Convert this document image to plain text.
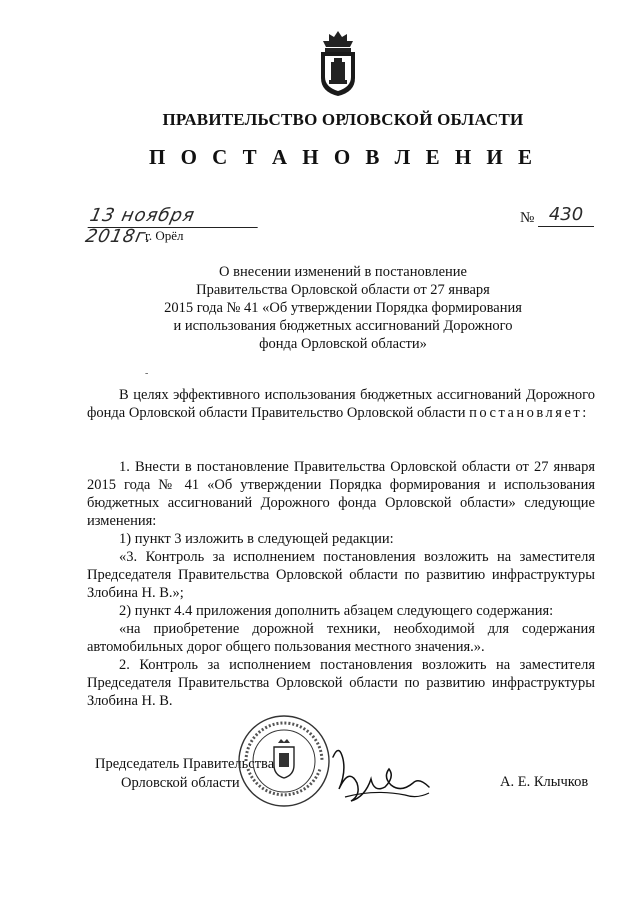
ПРАВИТЕЛЬСТВО ОРЛОВСКОЙ ОБЛАСТИ
П О С Т А Н О В Л Е Н И Е
13 ноября 2018г.
№ 430
г. Орёл
О внесении изменений в постановление
Правительства Орловской области от 27 января
2015 года № 41 «Об утверждении Порядка формирования
и использования бюджетных ассигнований Дорожного
фонда Орловской области»
-
В целях эффективного использования бюджетных ассигнований Дорожного фонда Орловской области Правительство Орловской области постановляет:
1. Внести в постановление Правительства Орловской области от 27 января 2015 года № 41 «Об утверждении Порядка формирования и использования бюджетных ассигнований Дорожного фонда Орловской области» следующие изменения:
1) пункт 3 изложить в следующей редакции:
«3. Контроль за исполнением постановления возложить на заместителя Председателя Правительства Орловской области по развитию инфраструктуры Злобина Н. В.»;
2) пункт 4.4 приложения дополнить абзацем следующего содержания:
«на приобретение дорожной техники, необходимой для содержания автомобильных дорог общего пользования местного значения.».
2. Контроль за исполнением постановления возложить на заместителя Председателя Правительства Орловской области по развитию инфраструктуры Злобина Н. В.
Председатель Правительства
Орловской области	А. Е. Клычков
